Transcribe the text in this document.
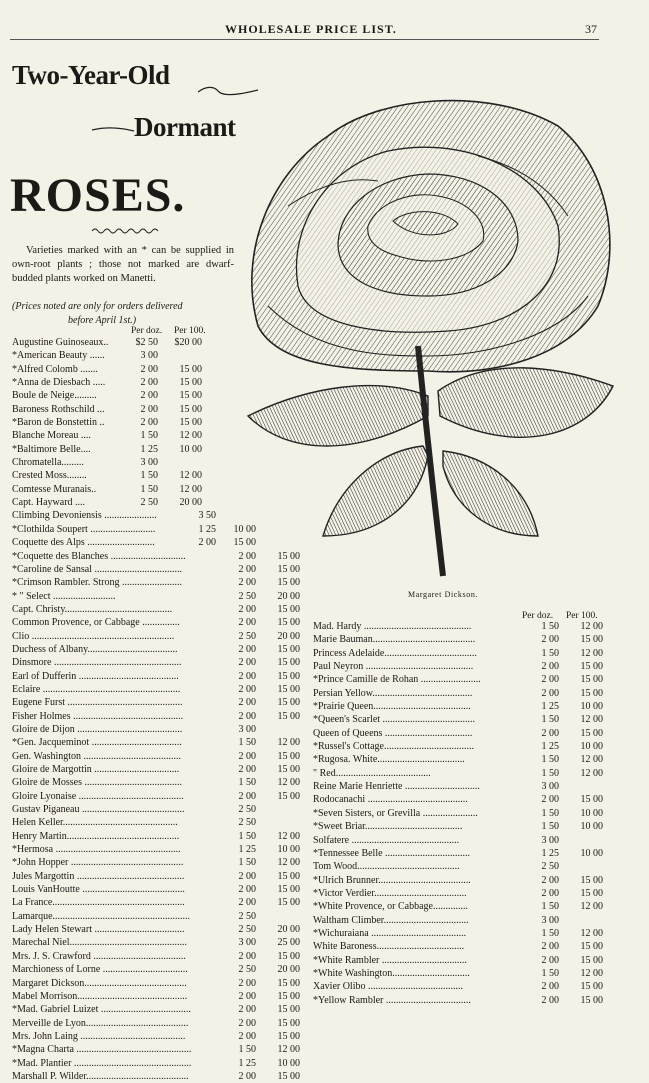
WHOLESALE PRICE LIST.	37
Two-Year-Old
Dormant
ROSES.

Varieties marked with an * can be supplied in own-root plants ; those not marked are dwarf-budded plants worked on Manetti.

(Prices noted are only for orders delivered
before April 1st.)
Per doz. Per 100.
Augustine Guinoseaux..	$2 50 $20 00
*American Beauty ......	3 00
*Alfred Colomb .......	2 00	15 00
*Anna de Diesbach .....	2 00	15 00
Boule de Neige.........	2 00	15 00
Baroness Rothschild ...	2 00	15 00
*Baron de Bonstettin ..	2 00	15 00
Blanche Moreau ....	1 50	12 00
*Baltimore Belle....	1 25	10 00
Chromatella.........	3 00
Crested Moss........	1 50	12 00
Comtesse Muranais..	1 50	12 00
Capt. Hayward ....	2 50	20 00
Climbing Devoniensis .....................	3 50
*Clothilda Soupert ..........................	1 25	10 00
Coquette des Alps ...........................	2 00	15 00
*Coquette des Blanches ..............................	2 00	15 00
*Caroline de Sansal ...................................	2 00	15 00
*Crimson Rambler. Strong ........................	2 00	15 00
* " Select .........................	2 50	20 00
Capt. Christy...........................................	2 00	15 00
Common Provence, or Cabbage ...............	2 00	15 00
Clio .........................................................	2 50	20 00
Duchess of Albany....................................	2 00	15 00
Dinsmore ...................................................	2 00	15 00
Earl of Dufferin ........................................	2 00	15 00
Eclaire .......................................................	2 00	15 00
Eugene Furst ..............................................	2 00	15 00
Fisher Holmes ............................................	2 00	15 00
Gloire de Dijon ..........................................	3 00
*Gen. Jacqueminot ....................................	1 50	12 00
Gen. Washington .......................................	2 00	15 00
Gloire de Margottin ..................................	2 00	15 00
Gloire de Mosses .......................................	1 50	12 00
Gloire Lyonaise ..........................................	2 00	15 00
Gustav Piganeau .........................................	2 50
Helen Keller..............................................	2 50
Henry Martin.............................................	1 50	12 00
*Hermosa ..................................................	1 25	10 00
*John Hopper .............................................	1 50	12 00
Jules Margottin ...........................................	2 00	15 00
Louis VanHoutte .........................................	2 00	15 00
La France.....................................................	2 00	15 00
Lamarque.......................................................	2 50
Lady Helen Stewart ....................................	2 50	20 00
Marechal Niel...............................................	3 00	25 00
Mrs. J. S. Crawford .....................................	2 00	15 00
Marchioness of Lorne ..................................	2 50	20 00
Margaret Dickson.........................................	2 00	15 00
Mabel Morrison............................................	2 00	15 00
*Mad. Gabriel Luizet ....................................	2 00	15 00
Merveille de Lyon.........................................	2 00	15 00
Mrs. John Laing ..........................................	2 00	15 00
*Magna Charta ..............................................	1 50	12 00
*Mad. Plantier ...............................................	1 25	10 00
Marshall P. Wilder.........................................	2 00	15 00
Per doz. Per 100.
Mad. Hardy ...........................................	1 50	12 00
Marie Bauman.........................................	2 00	15 00
Princess Adelaide.....................................	1 50	12 00
Paul Neyron ...........................................	2 00	15 00
*Prince Camille de Rohan ........................	2 00	15 00
Persian Yellow........................................	2 00	15 00
*Prairie Queen.......................................	1 25	10 00
*Queen's Scarlet .....................................	1 50	12 00
Queen of Queens ...................................	2 00	15 00
*Russel's Cottage....................................	1 25	10 00
*Rugosa. White...................................	1 50	12 00
" Red......................................	1 50	12 00
Reine Marie Henriette ..............................	3 00
Rodocanachi ........................................	2 00	15 00
*Seven Sisters, or Grevilla ......................	1 50	10 00
*Sweet Briar.......................................	1 50	10 00
Solfatere ...........................................	3 00
*Tennessee Belle ..................................	1 25	10 00
Tom Wood.........................................	2 50
*Ulrich Brunner.....................................	2 00	15 00
*Victor Verdier.....................................	2 00	15 00
*White Provence, or Cabbage..............	1 50	12 00
Waltham Climber..................................	3 00
*Wichuraiana ......................................	1 50	12 00
White Baroness...................................	2 00	15 00
*White Rambler ..................................	2 00	15 00
*White Washington...............................	1 50	12 00
Xavier Olibo ......................................	2 00	15 00
*Yellow Rambler ..................................	2 00	15 00
Margaret Dickson.
